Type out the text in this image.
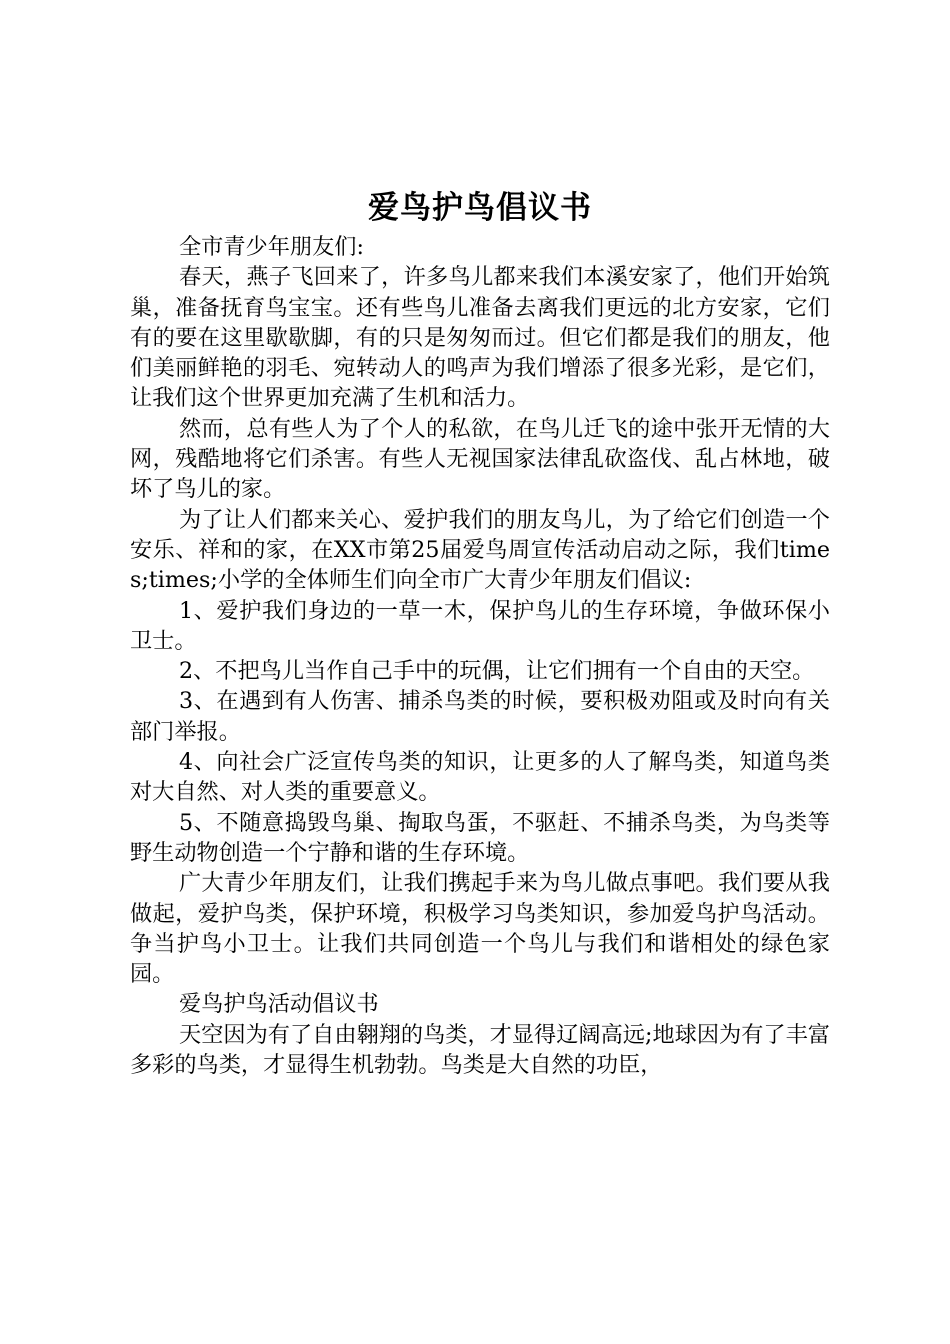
爱鸟护鸟倡议书

全市青少年朋友们:

春天，燕子飞回来了，许多鸟儿都来我们本溪安家了，他们开始筑巢，准备抚育鸟宝宝。还有些鸟儿准备去离我们更远的北方安家，它们有的要在这里歇歇脚，有的只是匆匆而过。但它们都是我们的朋友，他们美丽鲜艳的羽毛、宛转动人的鸣声为我们增添了很多光彩，是它们，让我们这个世界更加充满了生机和活力。

然而，总有些人为了个人的私欲，在鸟儿迁飞的途中张开无情的大网，残酷地将它们杀害。有些人无视国家法律乱砍盗伐、乱占林地，破坏了鸟儿的家。

为了让人们都来关心、爱护我们的朋友鸟儿，为了给它们创造一个安乐、祥和的家，在XX市第25届爱鸟周宣传活动启动之际，我们times;times;小学的全体师生们向全市广大青少年朋友们倡议:

1、爱护我们身边的一草一木，保护鸟儿的生存环境，争做环保小卫士。

2、不把鸟儿当作自己手中的玩偶，让它们拥有一个自由的天空。

3、在遇到有人伤害、捕杀鸟类的时候，要积极劝阻或及时向有关部门举报。

4、向社会广泛宣传鸟类的知识，让更多的人了解鸟类，知道鸟类对大自然、对人类的重要意义。

5、不随意捣毁鸟巢、掏取鸟蛋，不驱赶、不捕杀鸟类，为鸟类等野生动物创造一个宁静和谐的生存环境。

广大青少年朋友们，让我们携起手来为鸟儿做点事吧。我们要从我做起，爱护鸟类，保护环境，积极学习鸟类知识，参加爱鸟护鸟活动。争当护鸟小卫士。让我们共同创造一个鸟儿与我们和谐相处的绿色家园。

爱鸟护鸟活动倡议书

天空因为有了自由翱翔的鸟类，才显得辽阔高远;地球因为有了丰富多彩的鸟类，才显得生机勃勃。鸟类是大自然的功臣，
